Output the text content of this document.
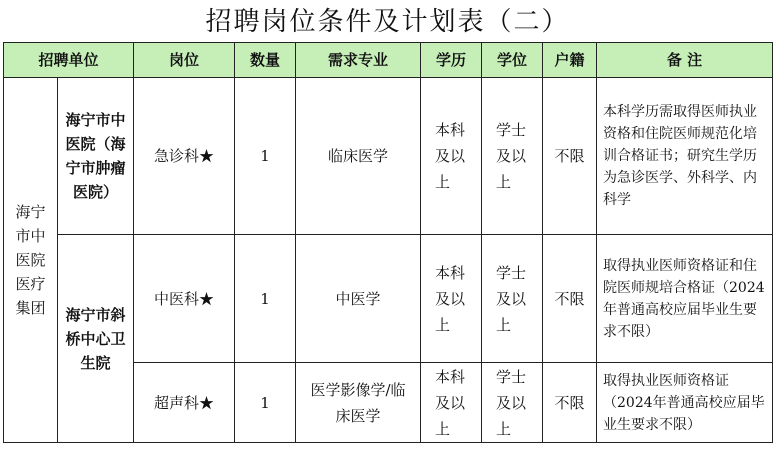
招聘岗位条件及计划表（二）
招聘单位		岗位	数量	需求专业	学历	学位	户籍	备 注
海宁市中医院医疗集团	海宁市中医院（海宁市肿瘤医院）	急诊科★	1	临床医学	本科及以上	学士及以上	不限	本科学历需取得医师执业资格和住院医师规范化培训合格证书；研究生学历为急诊医学、外科学、内科学
	海宁市斜桥中心卫生院	中医科★	1	中医学	本科及以上	学士及以上	不限	取得执业医师资格证和住院医师规培合格证（2024年普通高校应届毕业生要求不限）
		超声科★	1	医学影像学/临床医学	本科及以上	学士及以上	不限	取得执业医师资格证（2024年普通高校应届毕业生要求不限）
